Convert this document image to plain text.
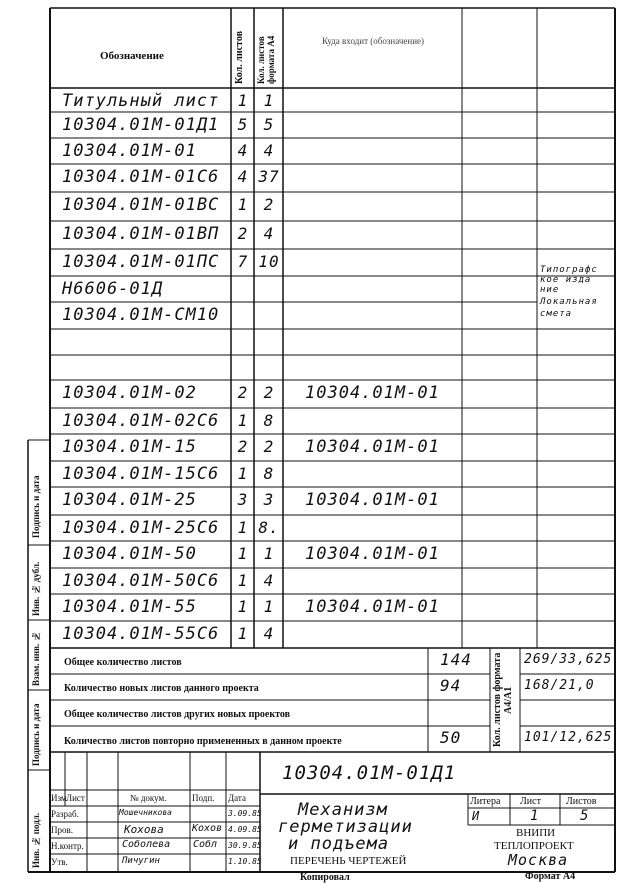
Обозначение	Кол. листов Кол. листов формата А4	Куда входит (обозначение)
Титульный лист	1 1
10304.01М-01Д1	5 5
10304.01М-01	4 4
10304.01М-01С6	4 37
10304.01М-01ВС	1 2
10304.01М-01ВП	2 4
10304.01М-01ПС	7 10
Н6606-01Д
10304.01М-СМ10
10304.01М-02	2 2	10304.01М-01
10304.01М-02С6	1 8
10304.01М-15	2 2	10304.01М-01
10304.01М-15С6	1 8
10304.01М-25	3 3	10304.01М-01
10304.01М-25С6	1 8.
10304.01М-50	1 1	10304.01М-01
10304.01М-50С6	1 4
10304.01М-55	1 1	10304.01М-01
10304.01М-55С6	1 4
Типографс кое изда ние
Локальная смета
Общее количество листов	144	269/33,625
Количество новых листов данного проекта	94	168/21,0
Общее количество листов других новых проектов
Количество листов повторно примененных в данном проекте	50	101/12,625
Кол. листов формата А4/А1
10304.01М-01Д1
Механизм
герметизации
и подъема
ПЕРЕЧЕНЬ ЧЕРТЕЖЕЙ
Изм Лист	№ докум.	Подп. Дата
Разраб.	Мошечникова	3.09.85
Пров.	Кохова	Кохов 4.09.85
Н.контр.	Соболева Собл 30.9.85
Утв.	Пичугин	1.10.85
Литера Лист	Листов
И	1	5
ВНИПИ
ТЕПЛОПРОЕКТ
Москва
Подпись и дата
Инв. № дубл.
Взам. инв. №
Подпись и дата
Инв. № подл.
Копировал	Формат А4
